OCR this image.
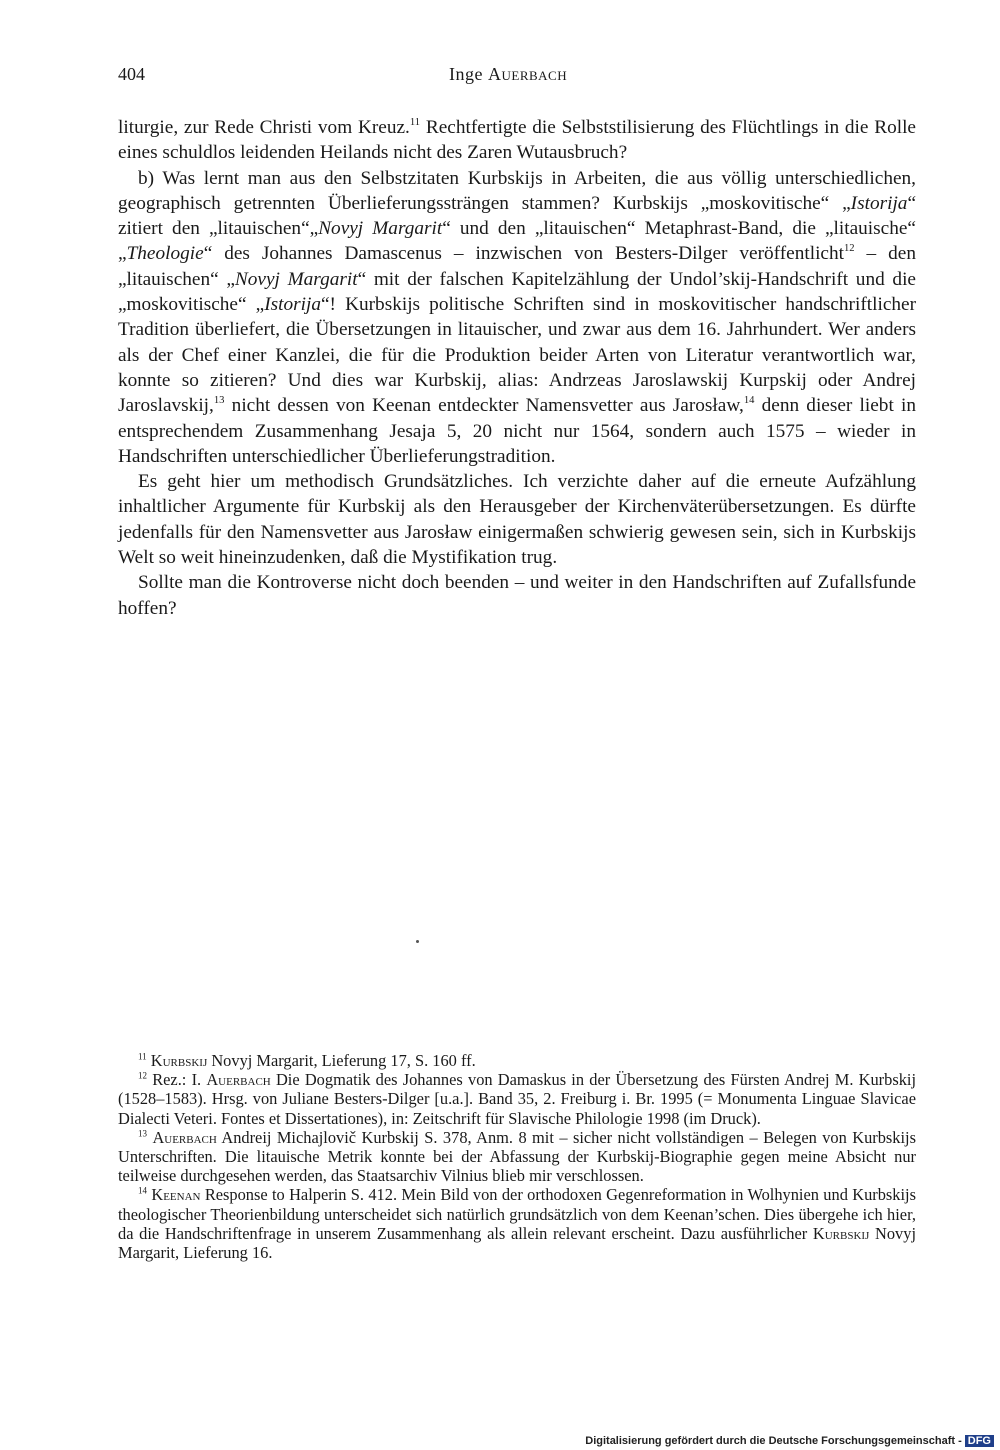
404	Inge Auerbach

liturgie, zur Rede Christi vom Kreuz.$^{11}$ Rechtfertigte die Selbststilisierung des Flüchtlings in die Rolle eines schuldlos leidenden Heilands nicht des Zaren Wutausbruch?

b) Was lernt man aus den Selbstzitaten Kurbskijs in Arbeiten, die aus völlig unterschiedlichen, geographisch getrennten Überlieferungssträngen stammen? Kurbskijs „moskovitische“ „Istorija“ zitiert den „litauischen“„Novyj Margarit“ und den „litauischen“ Metaphrast-Band, die „litauische“ „Theologie“ des Johannes Damascenus – inzwischen von Besters-Dilger veröffentlicht$^{12}$ – den „litauischen“ „Novyj Margarit“ mit der falschen Kapitelzählung der Undol’skij-Handschrift und die „moskovitische“ „Istorija“! Kurbskijs politische Schriften sind in moskovitischer handschriftlicher Tradition überliefert, die Übersetzungen in litauischer, und zwar aus dem 16. Jahrhundert. Wer anders als der Chef einer Kanzlei, die für die Produktion beider Arten von Literatur verantwortlich war, konnte so zitieren? Und dies war Kurbskij, alias: Andrzeas Jaroslawskij Kurpskij oder Andrej Jaroslavskij,$^{13}$ nicht dessen von Keenan entdeckter Namensvetter aus Jarosław,$^{14}$ denn dieser liebt in entsprechendem Zusammenhang Jesaja 5, 20 nicht nur 1564, sondern auch 1575 – wieder in Handschriften unterschiedlicher Überlieferungstradition.

Es geht hier um methodisch Grundsätzliches. Ich verzichte daher auf die erneute Aufzählung inhaltlicher Argumente für Kurbskij als den Herausgeber der Kirchenväterübersetzungen. Es dürfte jedenfalls für den Namensvetter aus Jarosław einigermaßen schwierig gewesen sein, sich in Kurbskijs Welt so weit hineinzudenken, daß die Mystifikation trug.

Sollte man die Kontroverse nicht doch beenden – und weiter in den Handschriften auf Zufallsfunde hoffen?

$^{11}$ Kurbskij Novyj Margarit, Lieferung 17, S. 160 ff.

$^{12}$ Rez.: I. Auerbach Die Dogmatik des Johannes von Damaskus in der Übersetzung des Fürsten Andrej M. Kurbskij (1528–1583). Hrsg. von Juliane Besters-Dilger [u.a.]. Band 35, 2. Freiburg i. Br. 1995 (= Monumenta Linguae Slavicae Dialecti Veteri. Fontes et Dissertationes), in: Zeitschrift für Slavische Philologie 1998 (im Druck).

$^{13}$ Auerbach Andreij Michajlovič Kurbskij S. 378, Anm. 8 mit – sicher nicht vollständigen – Belegen von Kurbskijs Unterschriften. Die litauische Metrik konnte bei der Abfassung der Kurbskij-Biographie gegen meine Absicht nur teilweise durchgesehen werden, das Staatsarchiv Vilnius blieb mir verschlossen.

$^{14}$ Keenan Response to Halperin S. 412. Mein Bild von der orthodoxen Gegenreformation in Wolhynien und Kurbskijs theologischer Theorienbildung unterscheidet sich natürlich grundsätzlich von dem Keenan’schen. Dies übergehe ich hier, da die Handschriftenfrage in unserem Zusammenhang als allein relevant erscheint. Dazu ausführlicher Kurbskij Novyj Margarit, Lieferung 16.

Digitalisierung gefördert durch die Deutsche Forschungsgemeinschaft - DFG
